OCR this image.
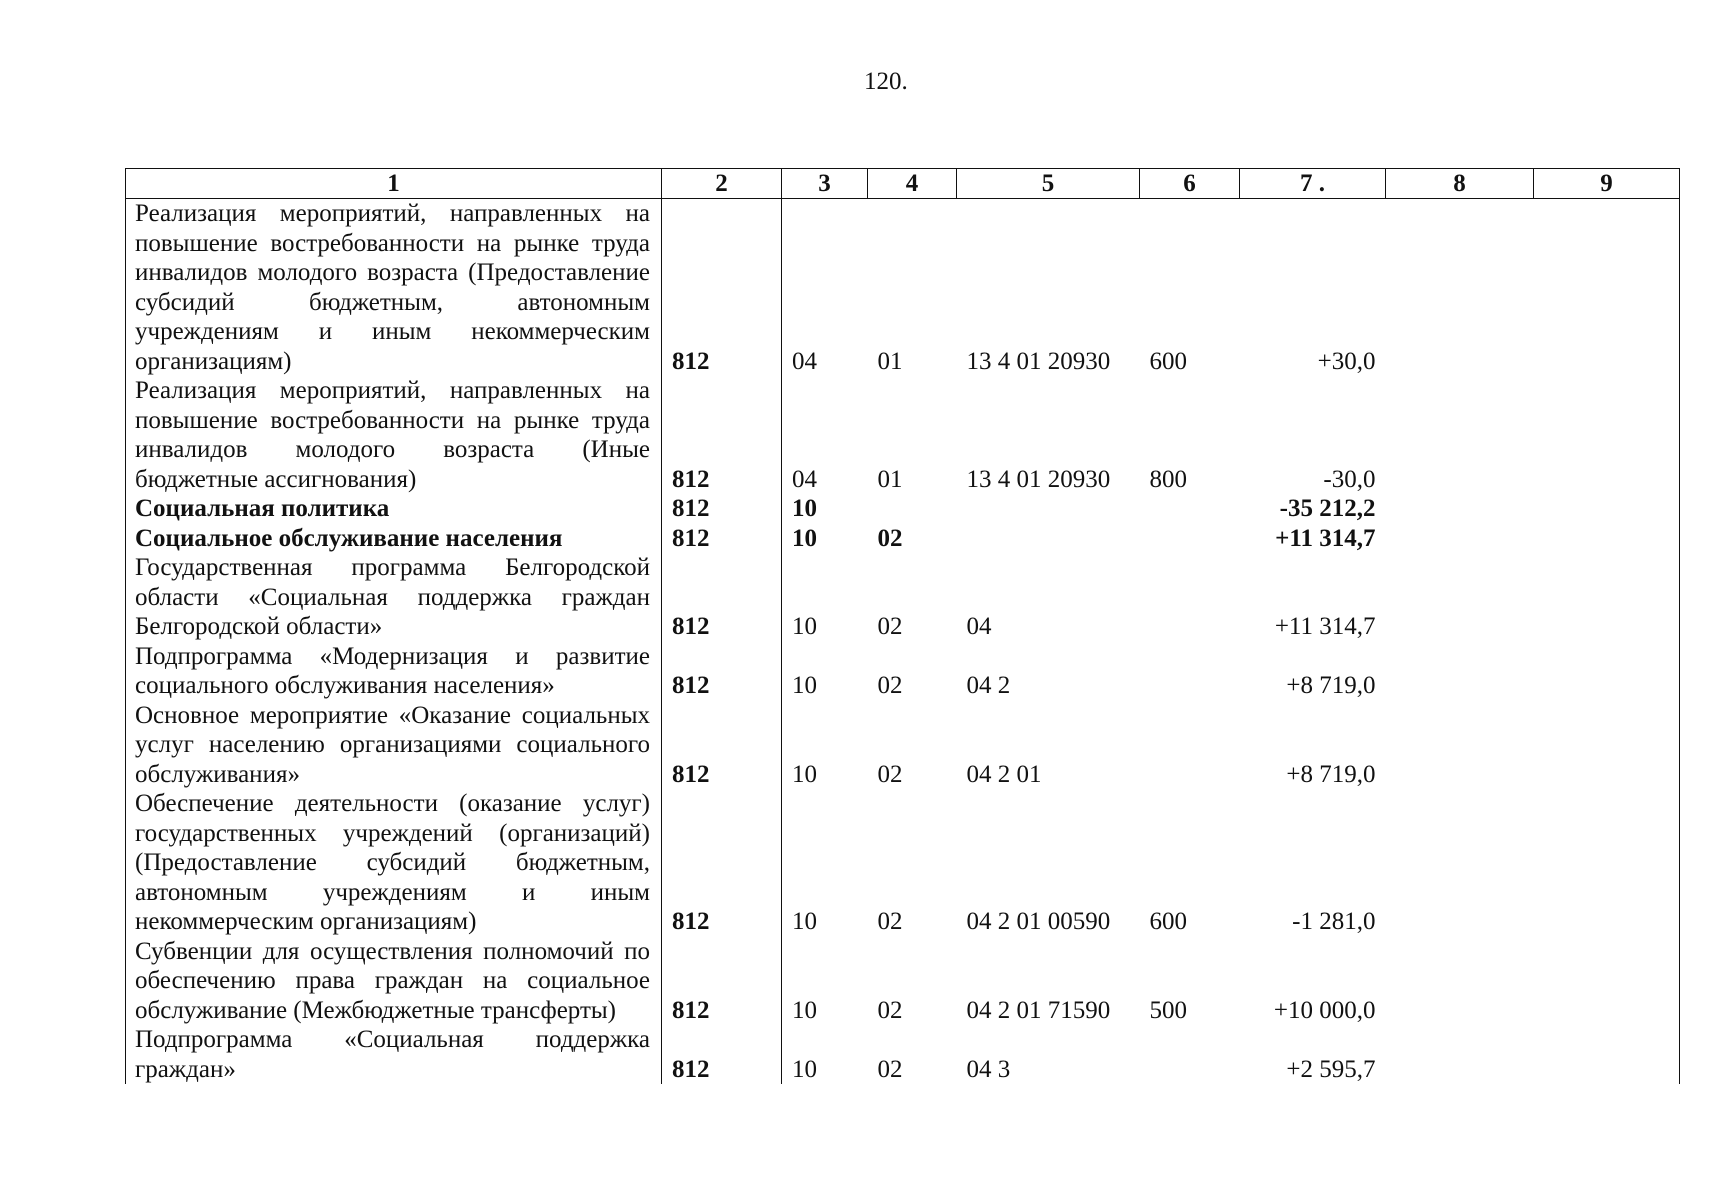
120.
1	2	3	4	5	6	7 .	8	9
Реализация мероприятий, направленных на повышение востребованности на рынке труда инвалидов молодого возраста (Предоставление субсидий бюджетным, автономным учреждениям и иным некоммерческим организациям)	812	04	01	13 4 01 20930	600	+30,0		
Реализация мероприятий, направленных на повышение востребованности на рынке труда инвалидов молодого возраста (Иные бюджетные ассигнования)	812	04	01	13 4 01 20930	800	-30,0		
Социальная политика	812	10				-35 212,2		
Социальное обслуживание населения	812	10	02			+11 314,7		
Государственная программа Белгородской области «Социальная поддержка граждан Белгородской области»	812	10	02	04		+11 314,7		
Подпрограмма «Модернизация и развитие социального обслуживания населения»	812	10	02	04 2		+8 719,0		
Основное мероприятие «Оказание социальных услуг населению организациями социального обслуживания»	812	10	02	04 2 01		+8 719,0		
Обеспечение деятельности (оказание услуг) государственных учреждений (организаций) (Предоставление субсидий бюджетным, автономным учреждениям и иным некоммерческим организациям)	812	10	02	04 2 01 00590	600	-1 281,0		
Субвенции для осуществления полномочий по обеспечению права граждан на социальное обслуживание (Межбюджетные трансферты)	812	10	02	04 2 01 71590	500	+10 000,0		
Подпрограмма «Социальная поддержка граждан»	812	10	02	04 3		+2 595,7		
